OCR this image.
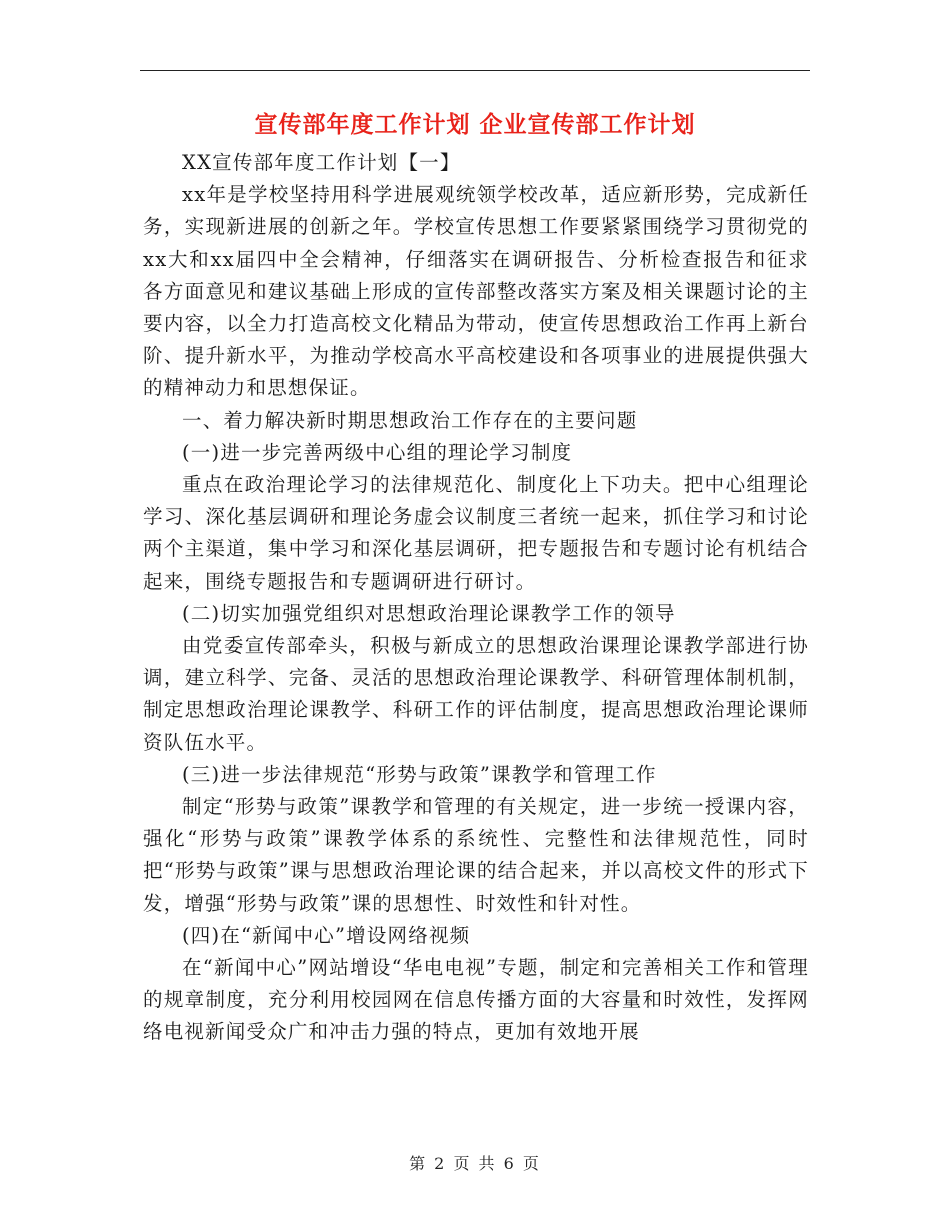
宣传部年度工作计划 企业宣传部工作计划

XX宣传部年度工作计划【一】

xx年是学校坚持用科学进展观统领学校改革，适应新形势，完成新任务，实现新进展的创新之年。学校宣传思想工作要紧紧围绕学习贯彻党的xx大和xx届四中全会精神，仔细落实在调研报告、分析检查报告和征求各方面意见和建议基础上形成的宣传部整改落实方案及相关课题讨论的主要内容，以全力打造高校文化精品为带动，使宣传思想政治工作再上新台阶、提升新水平，为推动学校高水平高校建设和各项事业的进展提供强大的精神动力和思想保证。

一、着力解决新时期思想政治工作存在的主要问题

(一)进一步完善两级中心组的理论学习制度

重点在政治理论学习的法律规范化、制度化上下功夫。把中心组理论学习、深化基层调研和理论务虚会议制度三者统一起来，抓住学习和讨论两个主渠道，集中学习和深化基层调研，把专题报告和专题讨论有机结合起来，围绕专题报告和专题调研进行研讨。

(二)切实加强党组织对思想政治理论课教学工作的领导

由党委宣传部牵头，积极与新成立的思想政治课理论课教学部进行协调，建立科学、完备、灵活的思想政治理论课教学、科研管理体制机制，制定思想政治理论课教学、科研工作的评估制度，提高思想政治理论课师资队伍水平。

(三)进一步法律规范“形势与政策”课教学和管理工作

制定“形势与政策”课教学和管理的有关规定，进一步统一授课内容，强化“形势与政策”课教学体系的系统性、完整性和法律规范性，同时把“形势与政策”课与思想政治理论课的结合起来，并以高校文件的形式下发，增强“形势与政策”课的思想性、时效性和针对性。

(四)在“新闻中心”增设网络视频

在“新闻中心”网站增设“华电电视”专题，制定和完善相关工作和管理的规章制度，充分利用校园网在信息传播方面的大容量和时效性，发挥网络电视新闻受众广和冲击力强的特点，更加有效地开展

第 2 页 共 6 页
